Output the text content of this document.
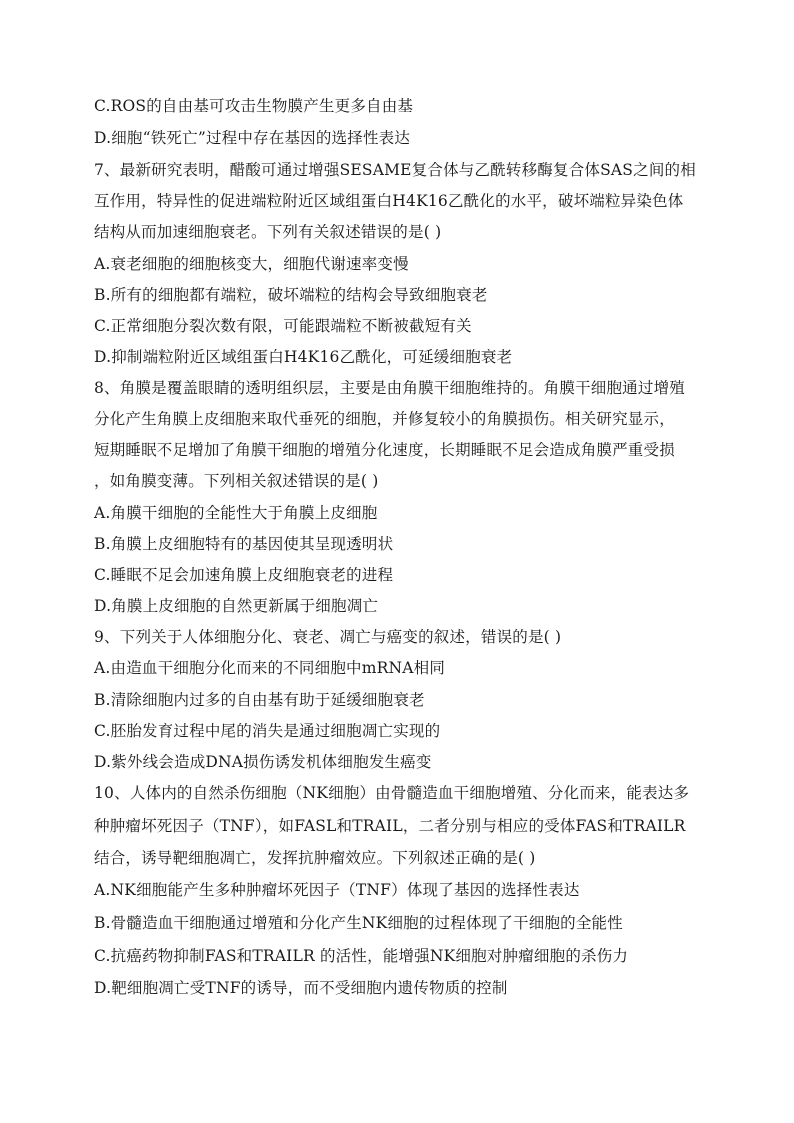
C.ROS的自由基可攻击生物膜产生更多自由基
D.细胞“铁死亡”过程中存在基因的选择性表达
7、最新研究表明，醋酸可通过增强SESAME复合体与乙酰转移酶复合体SAS之间的相
互作用，特异性的促进端粒附近区域组蛋白H4K16乙酰化的水平，破坏端粒异染色体
结构从而加速细胞衰老。下列有关叙述错误的是( )
A.衰老细胞的细胞核变大，细胞代谢速率变慢
B.所有的细胞都有端粒，破坏端粒的结构会导致细胞衰老
C.正常细胞分裂次数有限，可能跟端粒不断被截短有关
D.抑制端粒附近区域组蛋白H4K16乙酰化，可延缓细胞衰老
8、角膜是覆盖眼睛的透明组织层，主要是由角膜干细胞维持的。角膜干细胞通过增殖
分化产生角膜上皮细胞来取代垂死的细胞，并修复较小的角膜损伤。相关研究显示，
短期睡眠不足增加了角膜干细胞的增殖分化速度，长期睡眠不足会造成角膜严重受损
，如角膜变薄。下列相关叙述错误的是( )
A.角膜干细胞的全能性大于角膜上皮细胞
B.角膜上皮细胞特有的基因使其呈现透明状
C.睡眠不足会加速角膜上皮细胞衰老的进程
D.角膜上皮细胞的自然更新属于细胞凋亡
9、下列关于人体细胞分化、衰老、凋亡与癌变的叙述，错误的是( )
A.由造血干细胞分化而来的不同细胞中mRNA相同
B.清除细胞内过多的自由基有助于延缓细胞衰老
C.胚胎发育过程中尾的消失是通过细胞凋亡实现的
D.紫外线会造成DNA损伤诱发机体细胞发生癌变
10、人体内的自然杀伤细胞（NK细胞）由骨髓造血干细胞增殖、分化而来，能表达多
种肿瘤坏死因子（TNF），如FASL和TRAIL，二者分别与相应的受体FAS和TRAILR
结合，诱导靶细胞凋亡，发挥抗肿瘤效应。下列叙述正确的是( )
A.NK细胞能产生多种肿瘤坏死因子（TNF）体现了基因的选择性表达
B.骨髓造血干细胞通过增殖和分化产生NK细胞的过程体现了干细胞的全能性
C.抗癌药物抑制FAS和TRAILR 的活性，能增强NK细胞对肿瘤细胞的杀伤力
D.靶细胞凋亡受TNF的诱导，而不受细胞内遗传物质的控制
